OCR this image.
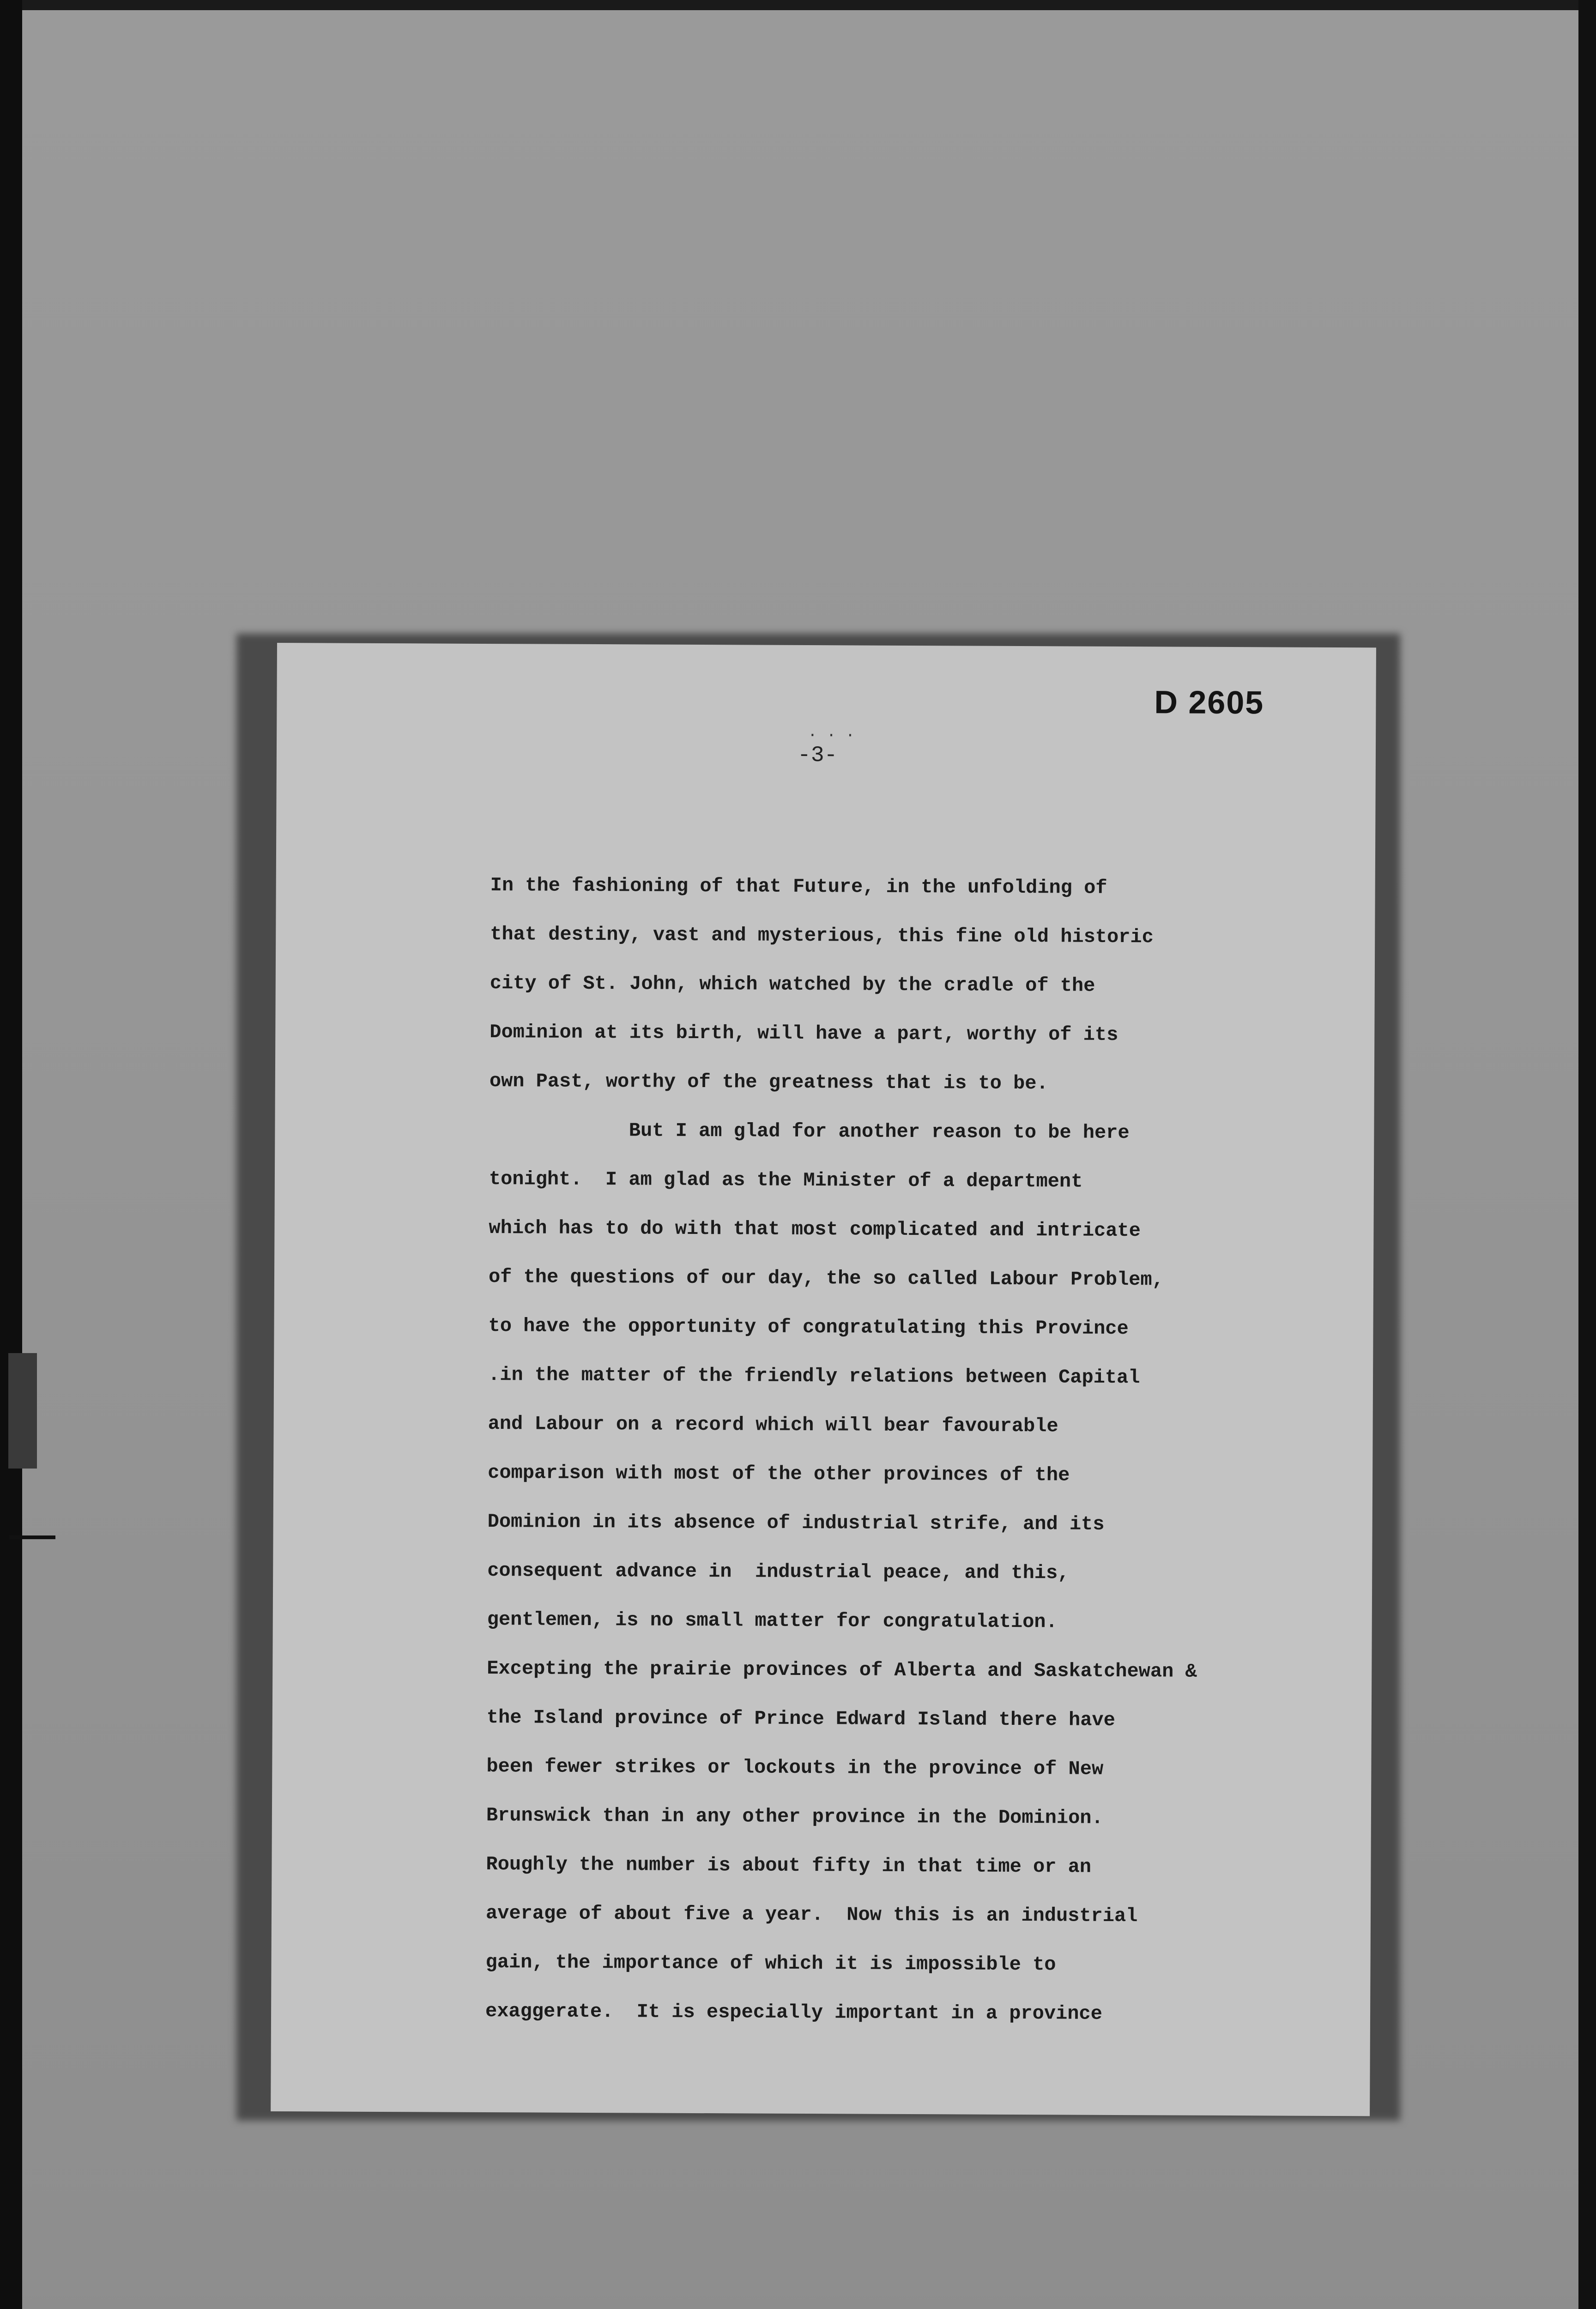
D 2605
. . .
-3-
In the fashioning of that Future, in the unfolding of
that destiny, vast and mysterious, this fine old historic
city of St. John, which watched by the cradle of the
Dominion at its birth, will have a part, worthy of its
own Past, worthy of the greatness that is to be.
But I am glad for another reason to be here
tonight.  I am glad as the Minister of a department
which has to do with that most complicated and intricate
of the questions of our day, the so called Labour Problem,
to have the opportunity of congratulating this Province
.in the matter of the friendly relations between Capital
and Labour on a record which will bear favourable
comparison with most of the other provinces of the
Dominion in its absence of industrial strife, and its
consequent advance in  industrial peace, and this,
gentlemen, is no small matter for congratulation.
Excepting the prairie provinces of Alberta and Saskatchewan &
the Island province of Prince Edward Island there have
been fewer strikes or lockouts in the province of New
Brunswick than in any other province in the Dominion.
Roughly the number is about fifty in that time or an
average of about five a year.  Now this is an industrial
gain, the importance of which it is impossible to
exaggerate.  It is especially important in a province
